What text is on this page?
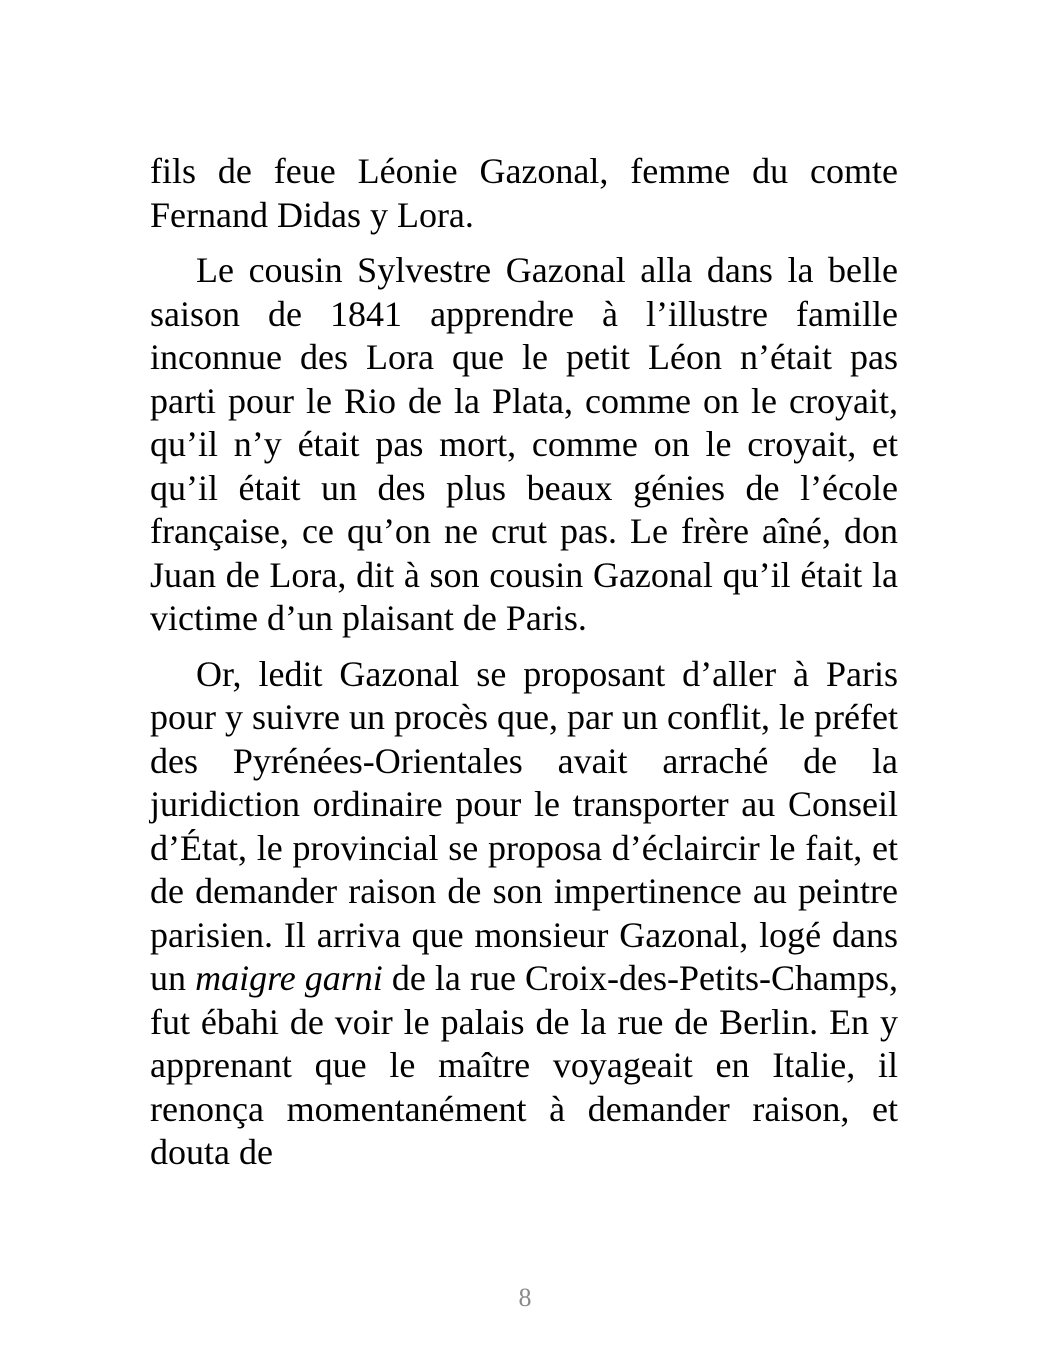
fils de feue Léonie Gazonal, femme du comte Fernand Didas y Lora.

Le cousin Sylvestre Gazonal alla dans la belle saison de 1841 apprendre à l’illustre famille inconnue des Lora que le petit Léon n’était pas parti pour le Rio de la Plata, comme on le croyait, qu’il n’y était pas mort, comme on le croyait, et qu’il était un des plus beaux génies de l’école française, ce qu’on ne crut pas. Le frère aîné, don Juan de Lora, dit à son cousin Gazonal qu’il était la victime d’un plaisant de Paris.

Or, ledit Gazonal se proposant d’aller à Paris pour y suivre un procès que, par un conflit, le préfet des Pyrénées-Orientales avait arraché de la juridiction ordinaire pour le transporter au Conseil d’État, le provincial se proposa d’éclaircir le fait, et de demander raison de son impertinence au peintre parisien. Il arriva que monsieur Gazonal, logé dans un maigre garni de la rue Croix-des-Petits-Champs, fut ébahi de voir le palais de la rue de Berlin. En y apprenant que le maître voyageait en Italie, il renonça momentanément à demander raison, et douta de

8
